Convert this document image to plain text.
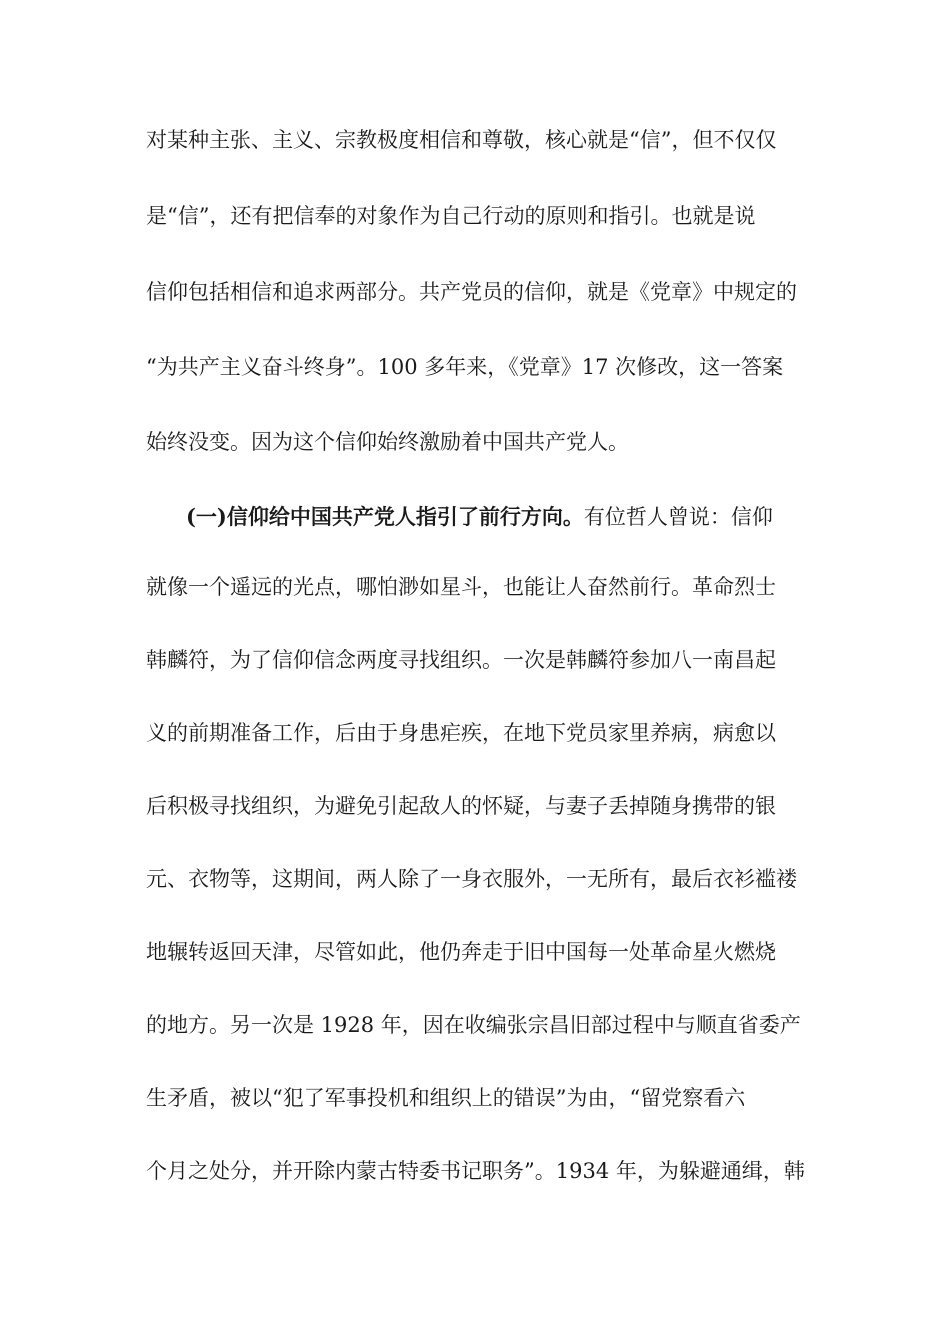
对某种主张、主义、宗教极度相信和尊敬，核心就是“信”，但不仅仅
是“信”，还有把信奉的对象作为自己行动的原则和指引。也就是说
信仰包括相信和追求两部分。共产党员的信仰，就是《党章》中规定的
“为共产主义奋斗终身”。100 多年来，《党章》17 次修改，这一答案
始终没变。因为这个信仰始终激励着中国共产党人。
(一)信仰给中国共产党人指引了前行方向。有位哲人曾说：信仰
就像一个遥远的光点，哪怕渺如星斗，也能让人奋然前行。革命烈士
韩麟符，为了信仰信念两度寻找组织。一次是韩麟符参加八一南昌起
义的前期准备工作，后由于身患疟疾，在地下党员家里养病，病愈以
后积极寻找组织，为避免引起敌人的怀疑，与妻子丢掉随身携带的银
元、衣物等，这期间，两人除了一身衣服外，一无所有，最后衣衫褴褛
地辗转返回天津，尽管如此，他仍奔走于旧中国每一处革命星火燃烧
的地方。另一次是 1928 年，因在收编张宗昌旧部过程中与顺直省委产
生矛盾，被以“犯了军事投机和组织上的错误”为由，“留党察看六
个月之处分，并开除内蒙古特委书记职务”。1934 年，为躲避通缉，韩
